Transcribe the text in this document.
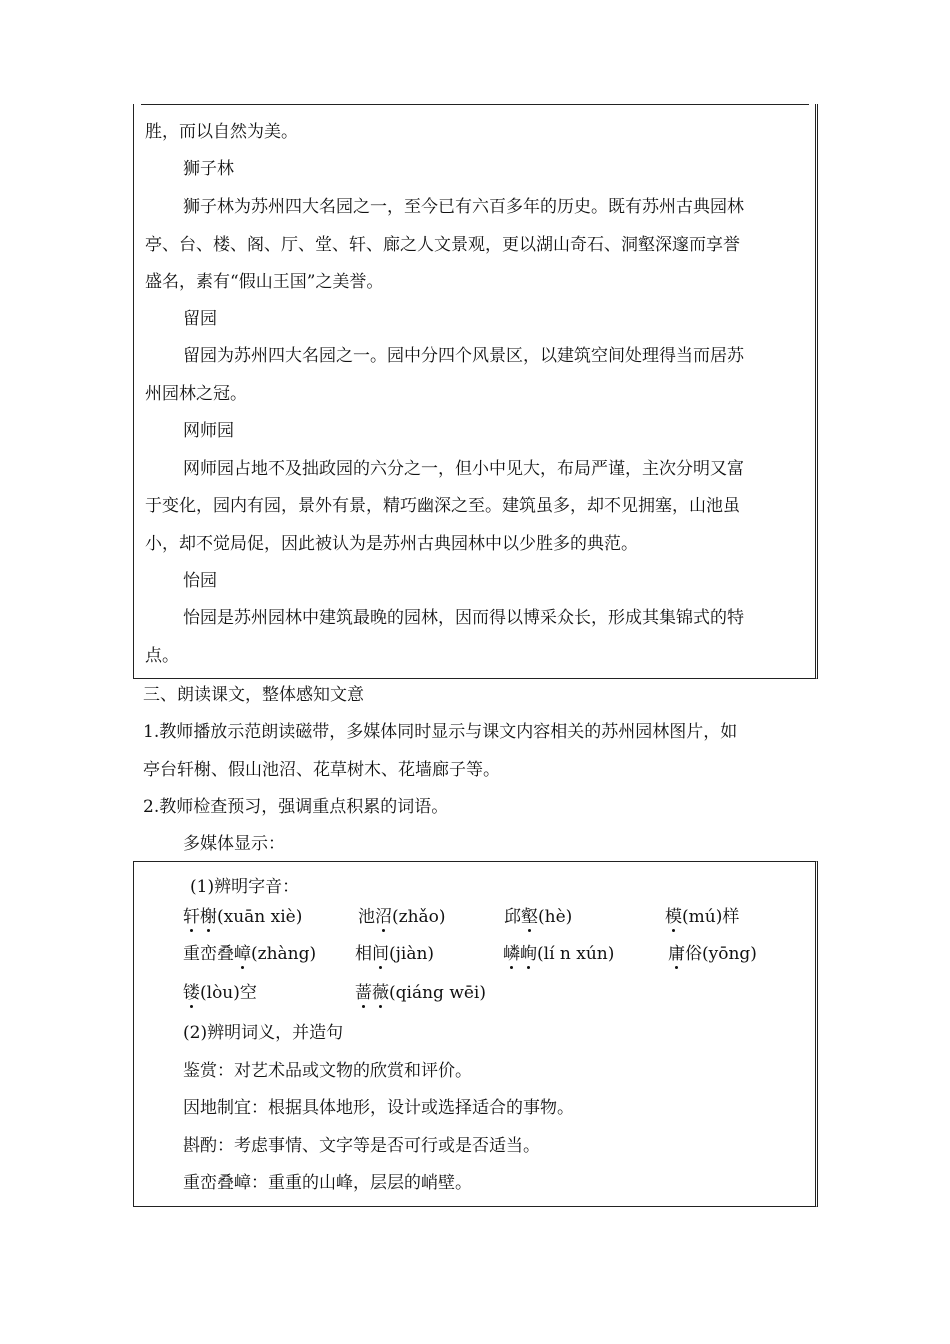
胜，而以自然为美。
狮子林
狮子林为苏州四大名园之一，至今已有六百多年的历史。既有苏州古典园林
亭、台、楼、阁、厅、堂、轩、廊之人文景观，更以湖山奇石、洞壑深邃而享誉
盛名，素有“假山王国”之美誉。
留园
留园为苏州四大名园之一。园中分四个风景区，以建筑空间处理得当而居苏
州园林之冠。
网师园
网师园占地不及拙政园的六分之一，但小中见大，布局严谨，主次分明又富
于变化，园内有园，景外有景，精巧幽深之至。建筑虽多，却不见拥塞，山池虽
小，却不觉局促，因此被认为是苏州古典园林中以少胜多的典范。
怡园
怡园是苏州园林中建筑最晚的园林，因而得以博采众长，形成其集锦式的特
点。
三、朗读课文，整体感知文意
1.教师播放示范朗读磁带，多媒体同时显示与课文内容相关的苏州园林图片，如
亭台轩榭、假山池沼、花草树木、花墙廊子等。
2.教师检查预习，强调重点积累的词语。
多媒体显示：
(1)辨明字音：
轩榭(xuān xiè)	池沼(zhǎo)	邱壑(hè)	模(mú)样
重峦叠嶂(zhàng) 相间(jiàn)	嶙峋(lí n xún)	庸俗(yōng)
镂(lòu)空	蔷薇(qiáng wēi)
(2)辨明词义，并造句
鉴赏：对艺术品或文物的欣赏和评价。
因地制宜：根据具体地形，设计或选择适合的事物。
斟酌：考虑事情、文字等是否可行或是否适当。
重峦叠嶂：重重的山峰，层层的峭壁。
